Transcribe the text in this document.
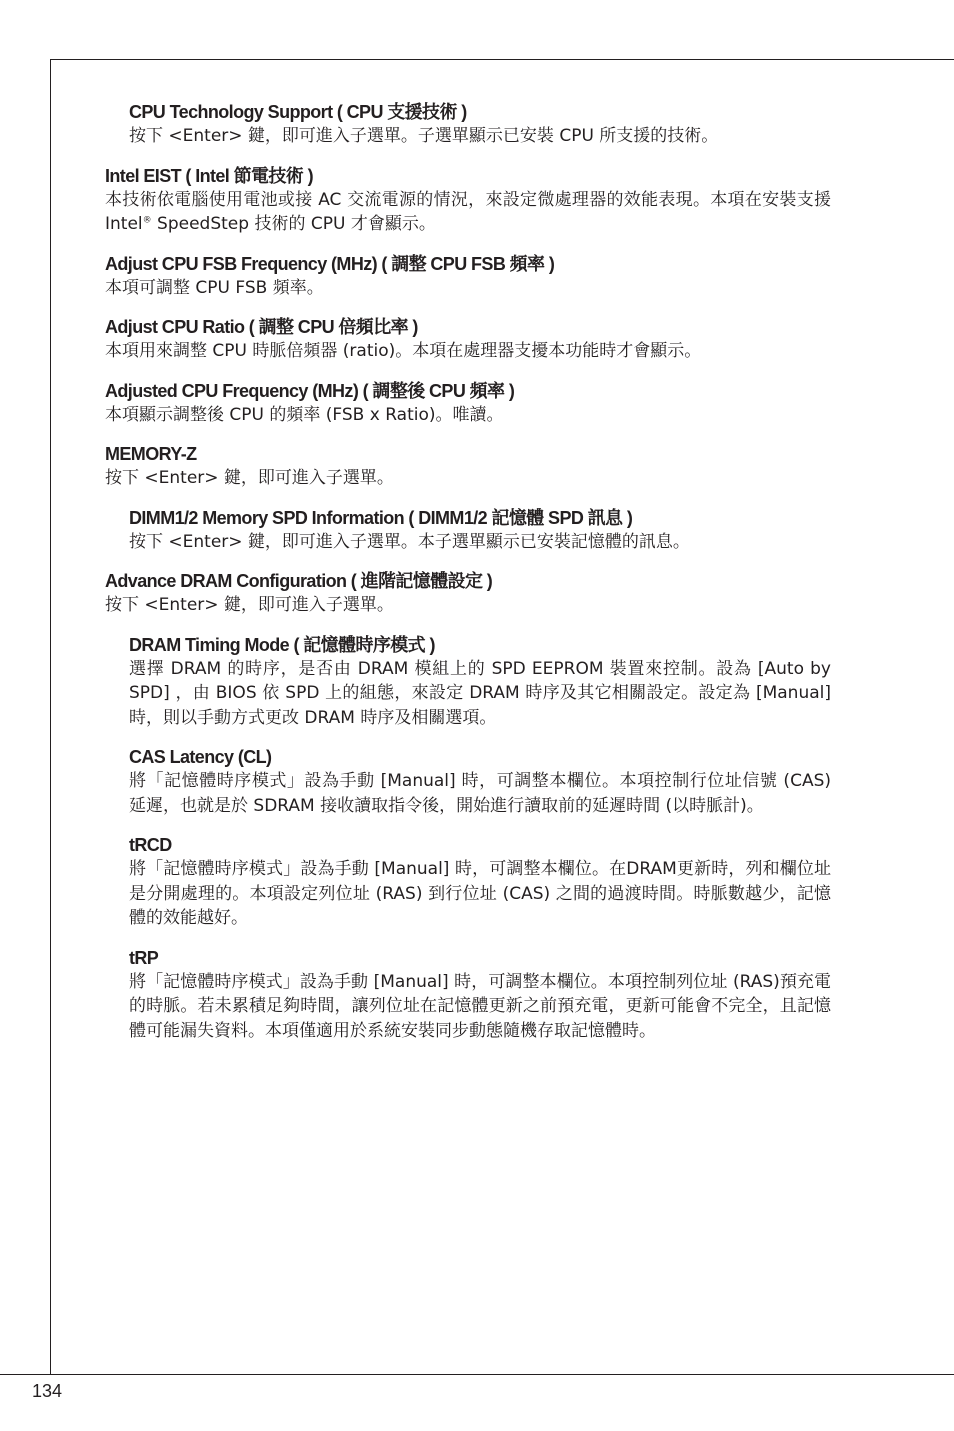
CPU Technology Support ( CPU 支援技術 )

按下 <Enter> 鍵，即可進入子選單。子選單顯示已安裝 CPU 所支援的技術。

Intel EIST ( Intel 節電技術 )

本技術依電腦使用電池或接 AC 交流電源的情況，來設定微處理器的效能表現。本項在安裝支援 Intel® SpeedStep 技術的 CPU 才會顯示。

Adjust CPU FSB Frequency (MHz) ( 調整 CPU FSB 頻率 )

本項可調整 CPU FSB 頻率。

Adjust CPU Ratio ( 調整 CPU 倍頻比率 )

本項用來調整 CPU 時脈倍頻器 (ratio)。本項在處理器支擾本功能時才會顯示。

Adjusted CPU Frequency (MHz) ( 調整後 CPU 頻率 )

本項顯示調整後 CPU 的頻率 (FSB x Ratio)。唯讀。

MEMORY-Z

按下 <Enter> 鍵，即可進入子選單。

DIMM1/2 Memory SPD Information ( DIMM1/2 記憶體 SPD 訊息 )

按下 <Enter> 鍵，即可進入子選單。本子選單顯示已安裝記憶體的訊息。

Advance DRAM Configuration ( 進階記憶體設定 )

按下 <Enter> 鍵，即可進入子選單。

DRAM Timing Mode ( 記憶體時序模式 )

選擇 DRAM 的時序，是否由 DRAM 模組上的 SPD EEPROM 裝置來控制。設為 [Auto by SPD] ，由 BIOS 依 SPD 上的組態，來設定 DRAM 時序及其它相關設定。設定為 [Manual] 時，則以手動方式更改 DRAM 時序及相關選項。

CAS Latency (CL)

將「記憶體時序模式」設為手動 [Manual] 時，可調整本欄位。本項控制行位址信號 (CAS) 延遲，也就是於 SDRAM 接收讀取指令後，開始進行讀取前的延遲時間 (以時脈計)。

tRCD

將「記憶體時序模式」設為手動 [Manual] 時，可調整本欄位。在DRAM更新時，列和欄位址是分開處理的。本項設定列位址 (RAS) 到行位址 (CAS) 之間的過渡時間。時脈數越少，記憶體的效能越好。

tRP

將「記憶體時序模式」設為手動 [Manual] 時，可調整本欄位。本項控制列位址 (RAS)預充電的時脈。若未累積足夠時間，讓列位址在記憶體更新之前預充電，更新可能會不完全，且記憶體可能漏失資料。本項僅適用於系統安裝同步動態隨機存取記憶體時。

134
